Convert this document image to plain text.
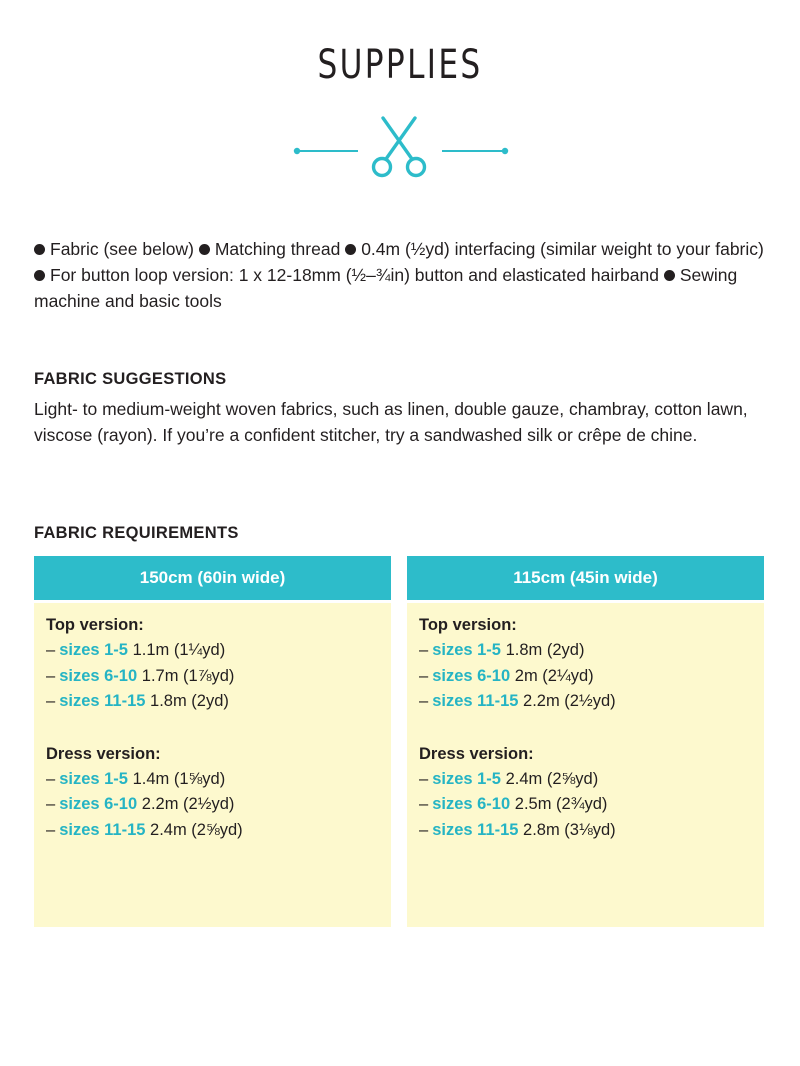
SUPPLIES
Fabric (see below) Matching thread 0.4m (½yd) interfacing (similar weight to your fabric) For button loop version: 1 x 12-18mm (½–¾in) button and elasticated hairband Sewing machine and basic tools
FABRIC SUGGESTIONS
Light- to medium-weight woven fabrics, such as linen, double gauze, chambray, cotton lawn, viscose (rayon). If you’re a confident stitcher, try a sandwashed silk or crêpe de chine.
FABRIC REQUIREMENTS
150cm (60in wide)
Top version:
– sizes 1-5 1.1m (1¼yd)
– sizes 6-10 1.7m (1⅞yd)
– sizes 11-15 1.8m (2yd)
Dress version:
– sizes 1-5 1.4m (1⅝yd)
– sizes 6-10 2.2m (2½yd)
– sizes 11-15 2.4m (2⅝yd)
115cm (45in wide)
Top version:
– sizes 1-5 1.8m (2yd)
– sizes 6-10 2m (2¼yd)
– sizes 11-15 2.2m (2½yd)
Dress version:
– sizes 1-5 2.4m (2⅝yd)
– sizes 6-10 2.5m (2¾yd)
– sizes 11-15 2.8m (3⅛yd)
